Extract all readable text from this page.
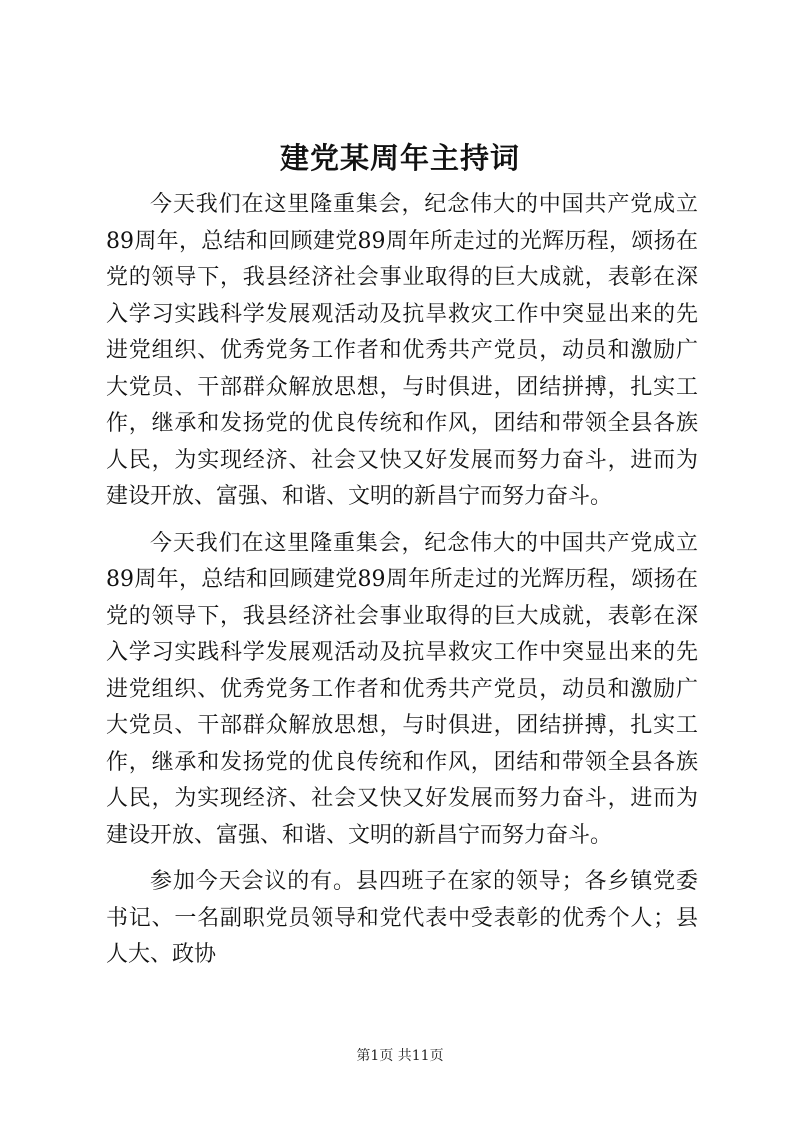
建党某周年主持词

今天我们在这里隆重集会，纪念伟大的中国共产党成立89周年，总结和回顾建党89周年所走过的光辉历程，颂扬在党的领导下，我县经济社会事业取得的巨大成就，表彰在深入学习实践科学发展观活动及抗旱救灾工作中突显出来的先进党组织、优秀党务工作者和优秀共产党员，动员和激励广大党员、干部群众解放思想，与时俱进，团结拼搏，扎实工作，继承和发扬党的优良传统和作风，团结和带领全县各族人民，为实现经济、社会又快又好发展而努力奋斗，进而为建设开放、富强、和谐、文明的新昌宁而努力奋斗。

今天我们在这里隆重集会，纪念伟大的中国共产党成立89周年，总结和回顾建党89周年所走过的光辉历程，颂扬在党的领导下，我县经济社会事业取得的巨大成就，表彰在深入学习实践科学发展观活动及抗旱救灾工作中突显出来的先进党组织、优秀党务工作者和优秀共产党员，动员和激励广大党员、干部群众解放思想，与时俱进，团结拼搏，扎实工作，继承和发扬党的优良传统和作风，团结和带领全县各族人民，为实现经济、社会又快又好发展而努力奋斗，进而为建设开放、富强、和谐、文明的新昌宁而努力奋斗。

参加今天会议的有。县四班子在家的领导；各乡镇党委书记、一名副职党员领导和党代表中受表彰的优秀个人；县人大、政协

第1页 共11页
